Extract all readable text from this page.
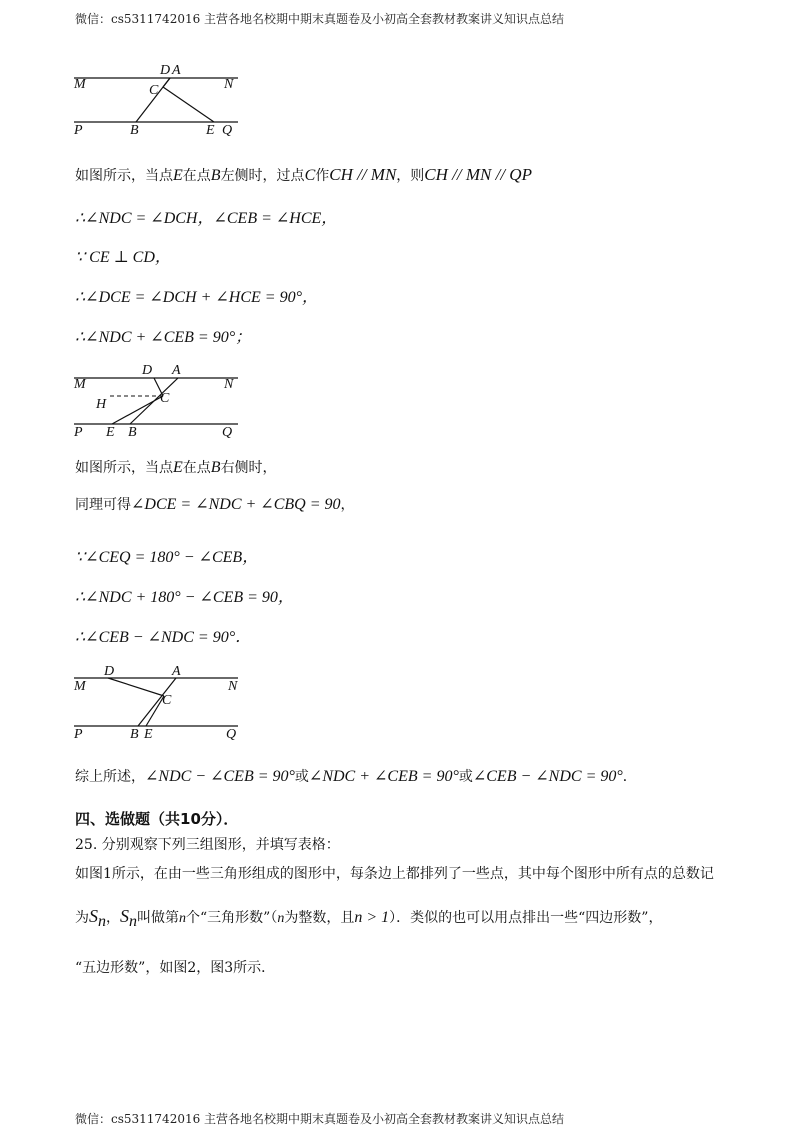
微信：cs5311742016 主营各地名校期中期末真题卷及小初高全套教材教案讲义知识点总结
M	N
D A
C
P	B	E Q
如图所示，当点E在点B左侧时，过点C作CH // MN，则CH // MN // QP
∴∠NDC = ∠DCH，∠CEB = ∠HCE，
∵ CE ⊥ CD，
∴∠DCE = ∠DCH + ∠HCE = 90°，
∴∠NDC + ∠CEB = 90°；
M	N
D A
H	C
P E B	Q
如图所示，当点E在点B右侧时，
同理可得∠DCE = ∠NDC + ∠CBQ = 90，
∵∠CEQ = 180° − ∠CEB，
∴∠NDC + 180° − ∠CEB = 90，
∴∠CEB − ∠NDC = 90°．
D	A
M	N
C
P	B E	Q
综上所述，∠NDC − ∠CEB = 90°或∠NDC + ∠CEB = 90°或∠CEB − ∠NDC = 90°．
四、选做题（共10分）．
25. 分别观察下列三组图形，并填写表格：
如图1所示，在由一些三角形组成的图形中，每条边上都排列了一些点，其中每个图形中所有点的总数记
为$S_n$，$S_n$叫做第n个“三角形数”（n为整数，且n > 1）．类似的也可以用点排出一些“四边形数”，
“五边形数”，如图2，图3所示．
微信：cs5311742016 主营各地名校期中期末真题卷及小初高全套教材教案讲义知识点总结
